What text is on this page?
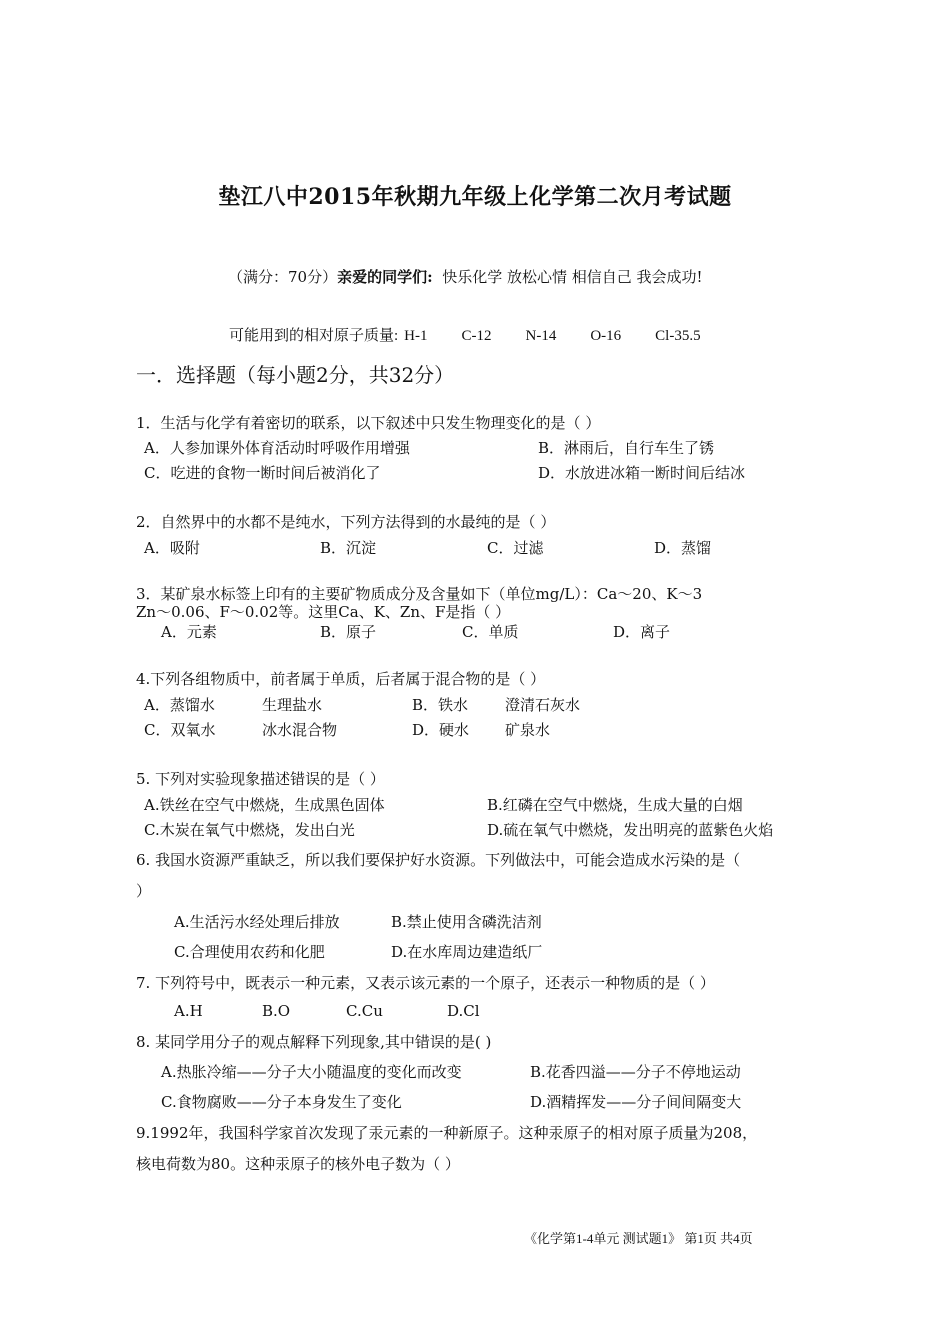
垫江八中2015年秋期九年级上化学第二次月考试题
（满分：70分）亲爱的同学们: 快乐化学 放松心情 相信自己 我会成功!
可能用到的相对原子质量: H-1 C-12 N-14 O-16 Cl-35.5
一．选择题（每小题2分，共32分）
1．生活与化学有着密切的联系，以下叙述中只发生物理变化的是（ ）
A．人参加课外体育活动时呼吸作用增强	B．淋雨后，自行车生了锈
C．吃进的食物一断时间后被消化了	D．水放进冰箱一断时间后结冰
2．自然界中的水都不是纯水，下列方法得到的水最纯的是（ ）
A．吸附	B．沉淀	C．过滤	D．蒸馏
3．某矿泉水标签上印有的主要矿物质成分及含量如下（单位mg/L）：Ca～20、K～3
Zn～0.06、F～0.02等。这里Ca、K、Zn、F是指（ ）
A．元素	B．原子	C．单质	D．离子
4.下列各组物质中，前者属于单质，后者属于混合物的是（ ）
A．蒸馏水	生理盐水	B．铁水 澄清石灰水
C．双氧水	冰水混合物	D．硬水 矿泉水
5. 下列对实验现象描述错误的是（ ）
A.铁丝在空气中燃烧，生成黑色固体	B.红磷在空气中燃烧，生成大量的白烟
C.木炭在氧气中燃烧，发出白光	D.硫在氧气中燃烧，发出明亮的蓝紫色火焰
6. 我国水资源严重缺乏，所以我们要保护好水资源。下列做法中，可能会造成水污染的是（
）
A.生活污水经处理后排放	B.禁止使用含磷洗洁剂
C.合理使用农药和化肥	D.在水库周边建造纸厂
7. 下列符号中，既表示一种元素，又表示该元素的一个原子，还表示一种物质的是（ ）
A.H	B.O	C.Cu	D.Cl
8. 某同学用分子的观点解释下列现象,其中错误的是( )
A.热胀冷缩——分子大小随温度的变化而改变	B.花香四溢——分子不停地运动
C.食物腐败——分子本身发生了变化	D.酒精挥发——分子间间隔变大
9.1992年，我国科学家首次发现了汞元素的一种新原子。这种汞原子的相对原子质量为208，
核电荷数为80。这种汞原子的核外电子数为（ ）
《化学第1-4单元 测试题1》 第1页 共4页
